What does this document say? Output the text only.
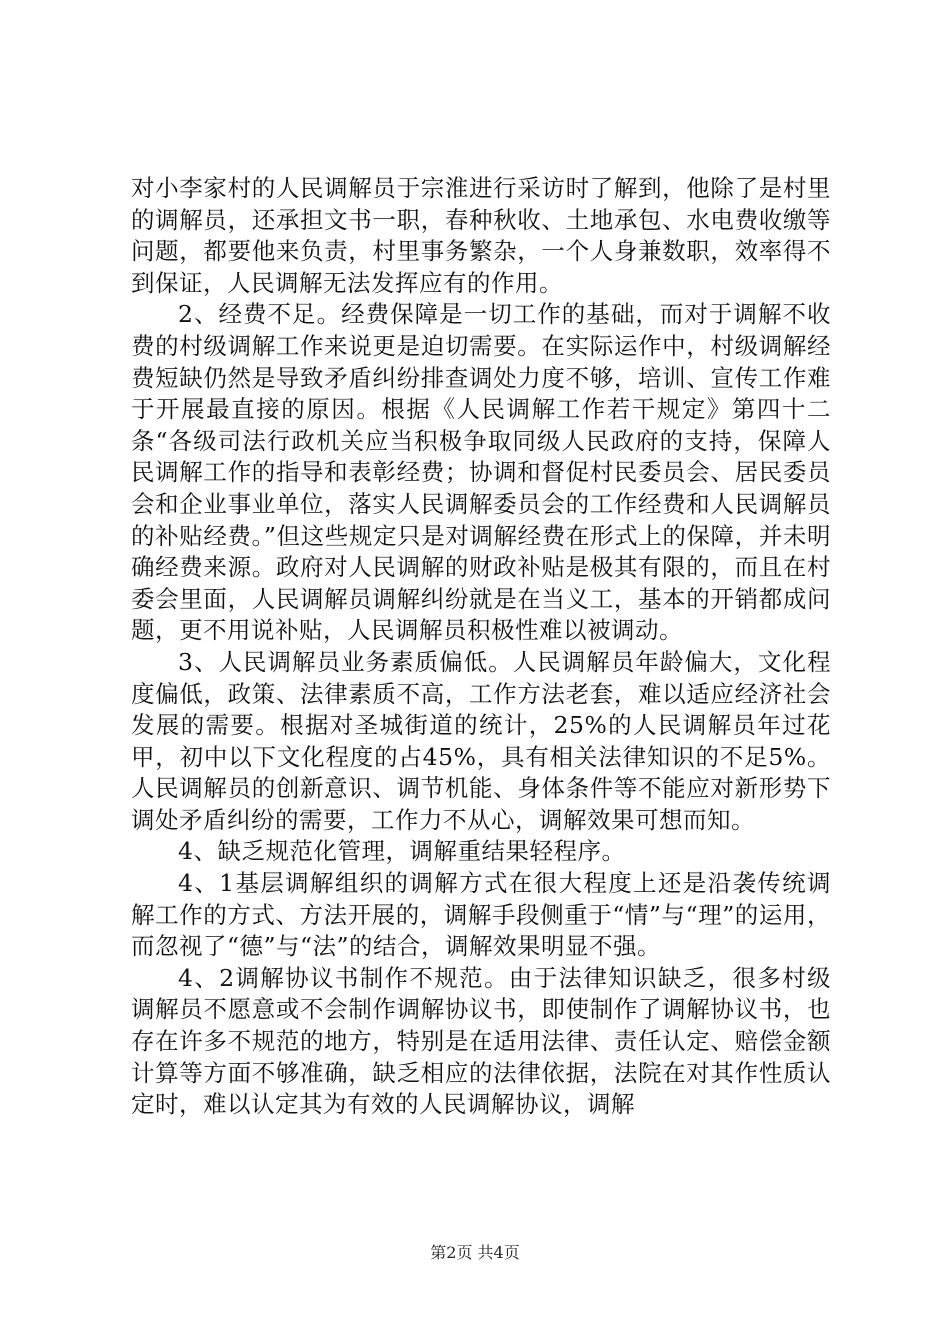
对小李家村的人民调解员于宗淮进行采访时了解到，他除了是村里的调解员，还承担文书一职，春种秋收、土地承包、水电费收缴等问题，都要他来负责，村里事务繁杂，一个人身兼数职，效率得不到保证，人民调解无法发挥应有的作用。

2、经费不足。经费保障是一切工作的基础，而对于调解不收费的村级调解工作来说更是迫切需要。在实际运作中，村级调解经费短缺仍然是导致矛盾纠纷排查调处力度不够，培训、宣传工作难于开展最直接的原因。根据《人民调解工作若干规定》第四十二条“各级司法行政机关应当积极争取同级人民政府的支持，保障人民调解工作的指导和表彰经费；协调和督促村民委员会、居民委员会和企业事业单位，落实人民调解委员会的工作经费和人民调解员的补贴经费。”但这些规定只是对调解经费在形式上的保障，并未明确经费来源。政府对人民调解的财政补贴是极其有限的，而且在村委会里面，人民调解员调解纠纷就是在当义工，基本的开销都成问题，更不用说补贴，人民调解员积极性难以被调动。

3、人民调解员业务素质偏低。人民调解员年龄偏大，文化程度偏低，政策、法律素质不高，工作方法老套，难以适应经济社会发展的需要。根据对圣城街道的统计，25%的人民调解员年过花甲，初中以下文化程度的占45%，具有相关法律知识的不足5%。人民调解员的创新意识、调节机能、身体条件等不能应对新形势下调处矛盾纠纷的需要，工作力不从心，调解效果可想而知。

4、缺乏规范化管理，调解重结果轻程序。

4、1基层调解组织的调解方式在很大程度上还是沿袭传统调解工作的方式、方法开展的，调解手段侧重于“情”与“理”的运用，而忽视了“德”与“法”的结合，调解效果明显不强。

4、2调解协议书制作不规范。由于法律知识缺乏，很多村级调解员不愿意或不会制作调解协议书，即使制作了调解协议书，也存在许多不规范的地方，特别是在适用法律、责任认定、赔偿金额计算等方面不够准确，缺乏相应的法律依据，法院在对其作性质认定时，难以认定其为有效的人民调解协议，调解

第2页 共4页
